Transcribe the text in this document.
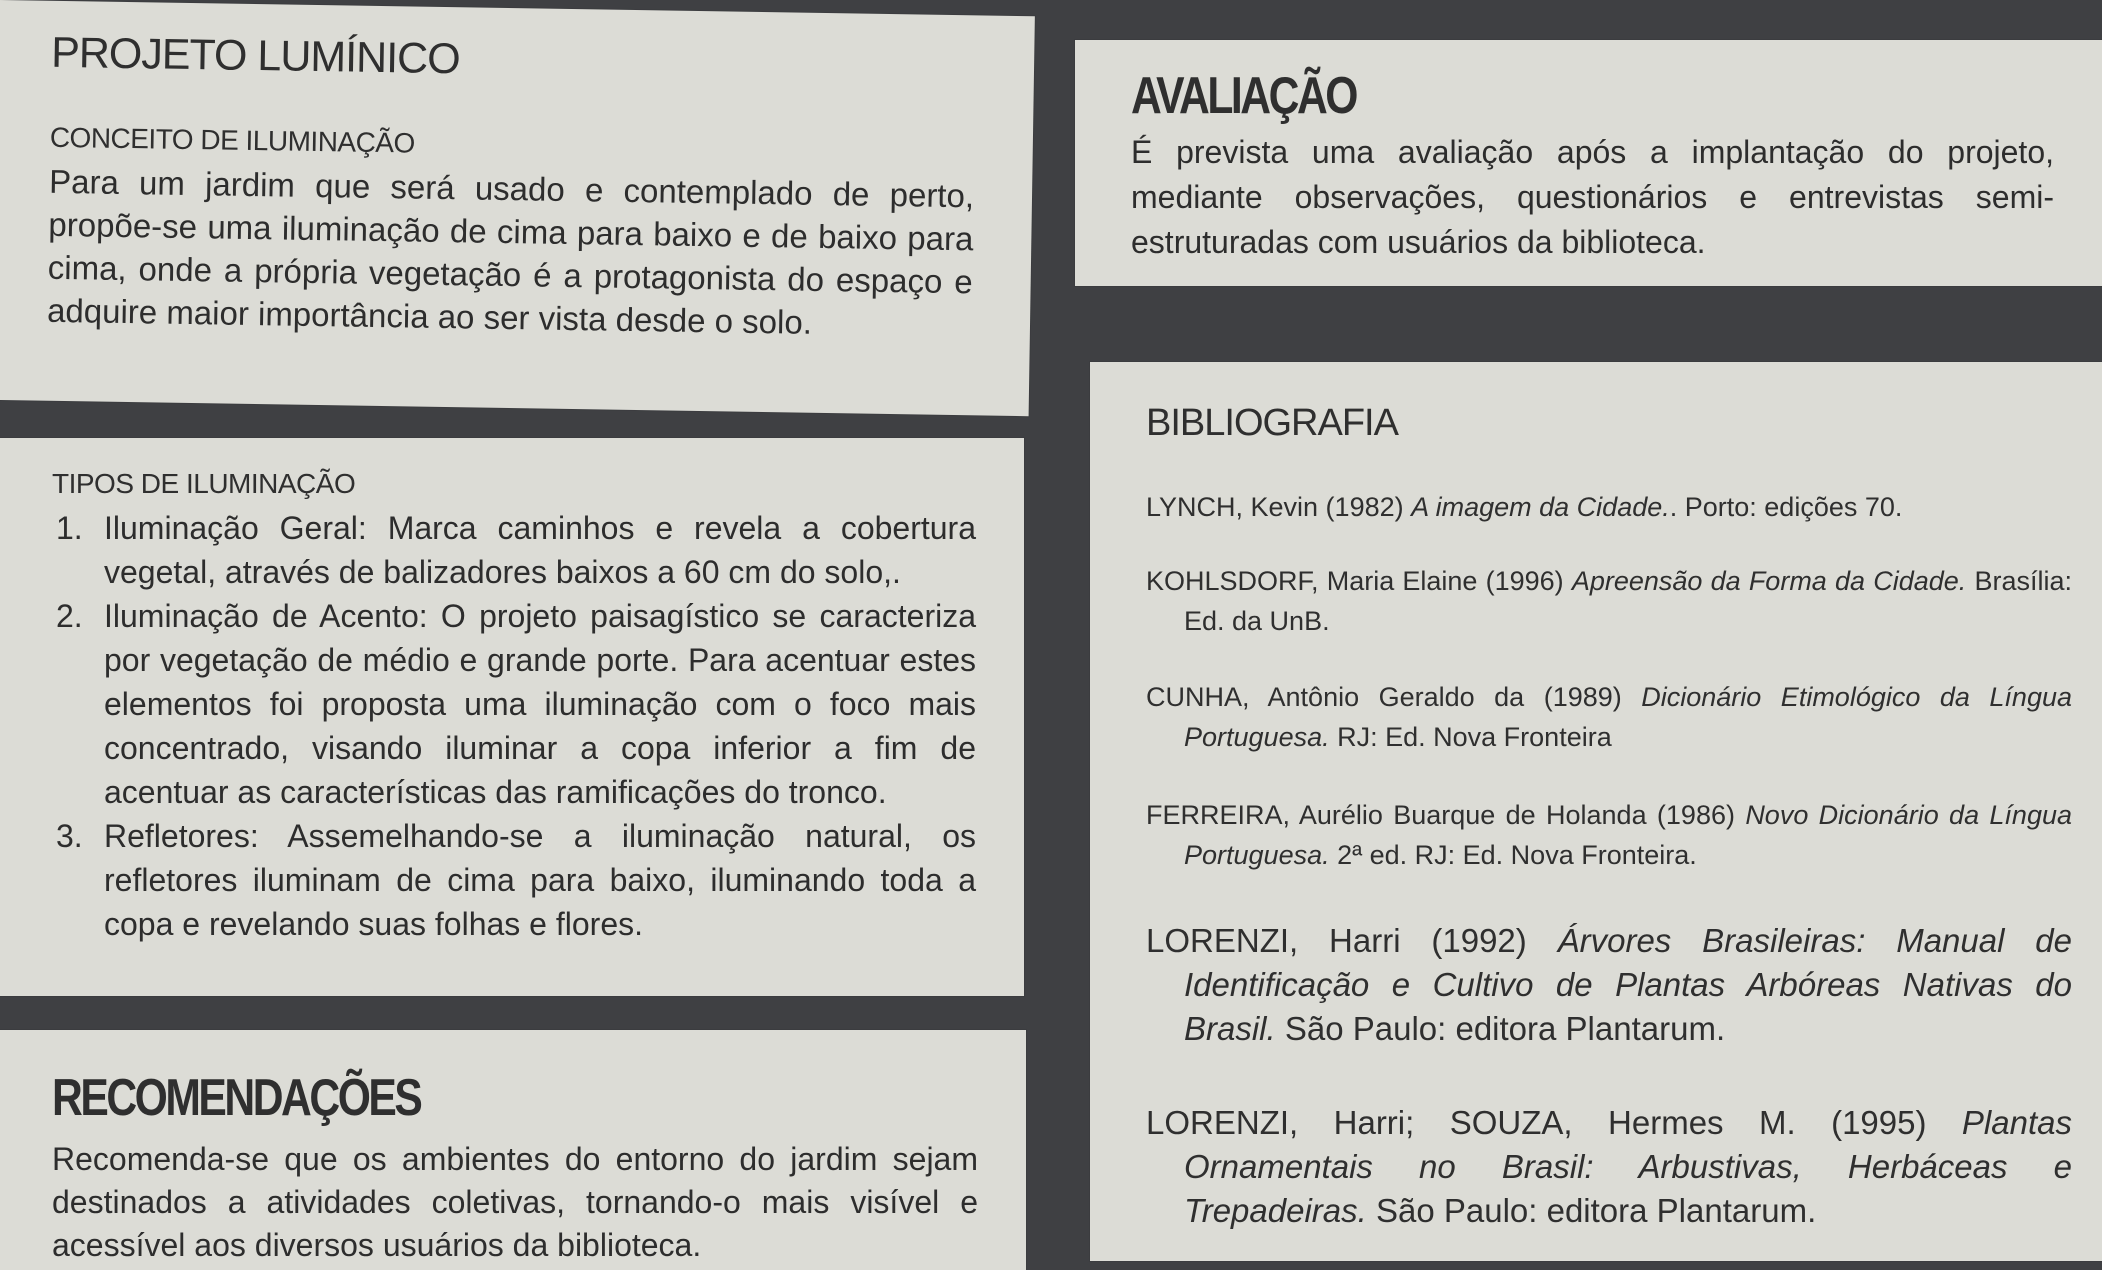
PROJETO LUMÍNICO
CONCEITO DE ILUMINAÇÃO

Para um jardim que será usado e contemplado de perto, propõe-se uma iluminação de cima para baixo e de baixo para cima, onde a própria vegetação é a protagonista do espaço e adquire maior importância ao ser vista desde o solo.

TIPOS DE ILUMINAÇÃO
1. Iluminação Geral: Marca caminhos e revela a cobertura vegetal, através de balizadores baixos a 60 cm do solo,.
2. Iluminação de Acento: O projeto paisagístico se caracteriza por vegetação de médio e grande porte. Para acentuar estes elementos foi proposta uma iluminação com o foco mais concentrado, visando iluminar a copa inferior a fim de acentuar as características das ramificações do tronco.
3. Refletores: Assemelhando-se a iluminação natural, os refletores iluminam de cima para baixo, iluminando toda a copa e revelando suas folhas e flores.
RECOMENDAÇÕES

Recomenda-se que os ambientes do entorno do jardim sejam destinados a atividades coletivas, tornando-o mais visível e acessível aos diversos usuários da biblioteca.

AVALIAÇÃO

É prevista uma avaliação após a implantação do projeto, mediante observações, questionários e entrevistas semi-estruturadas com usuários da biblioteca.

BIBLIOGRAFIA
LYNCH, Kevin (1982) A imagem da Cidade.. Porto: edições 70.
KOHLSDORF, Maria Elaine (1996) Apreensão da Forma da Cidade. Brasília: Ed. da UnB.
CUNHA, Antônio Geraldo da (1989) Dicionário Etimológico da Língua Portuguesa. RJ: Ed. Nova Fronteira
FERREIRA, Aurélio Buarque de Holanda (1986) Novo Dicionário da Língua Portuguesa. 2ª ed. RJ: Ed. Nova Fronteira.
LORENZI, Harri (1992) Árvores Brasileiras: Manual de Identificação e Cultivo de Plantas Arbóreas Nativas do Brasil. São Paulo: editora Plantarum.
LORENZI, Harri; SOUZA, Hermes M. (1995) Plantas Ornamentais no Brasil: Arbustivas, Herbáceas e Trepadeiras. São Paulo: editora Plantarum.
